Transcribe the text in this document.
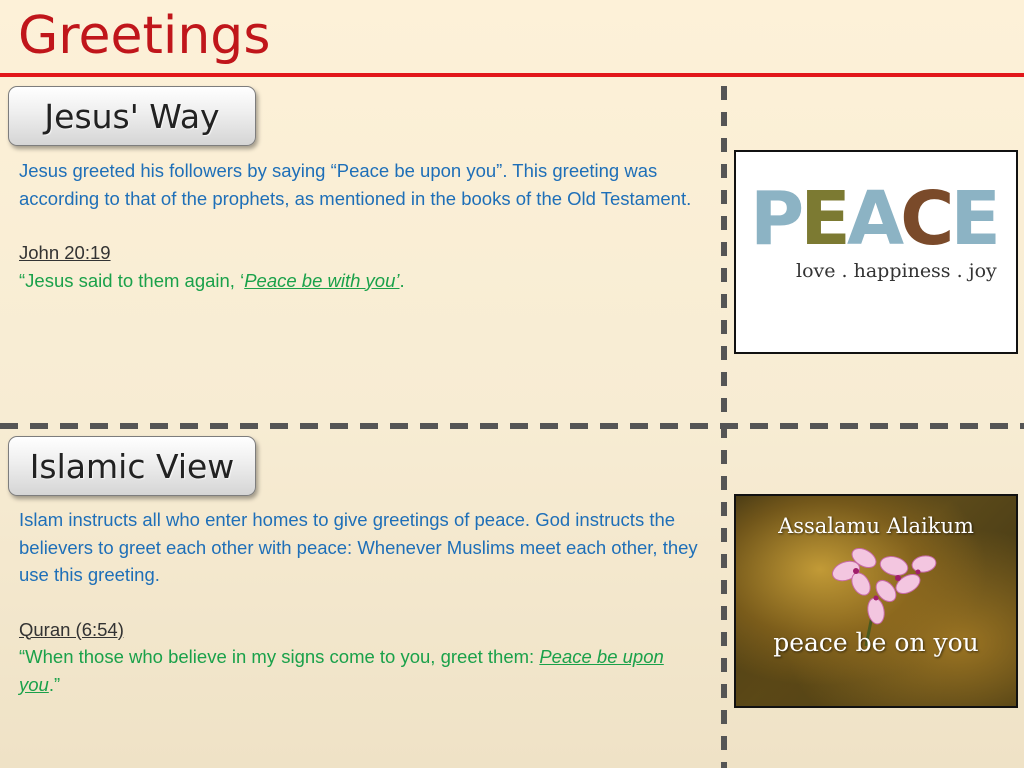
Greetings
Jesus' Way
Jesus greeted his followers by saying “Peace be upon you”. This greeting was according to that of the prophets, as mentioned in the books of the Old Testament.
John 20:19
“Jesus said to them again, ‘Peace be with you’.
PEACE
love . happiness . joy
Islamic View
Islam instructs all who enter homes to give greetings of peace. God instructs the believers to greet each other with peace: Whenever Muslims meet each other, they use this greeting.
Quran (6:54)
“When those who believe in my signs come to you, greet them: Peace be upon you.”
Assalamu Alaikum
peace be on you
